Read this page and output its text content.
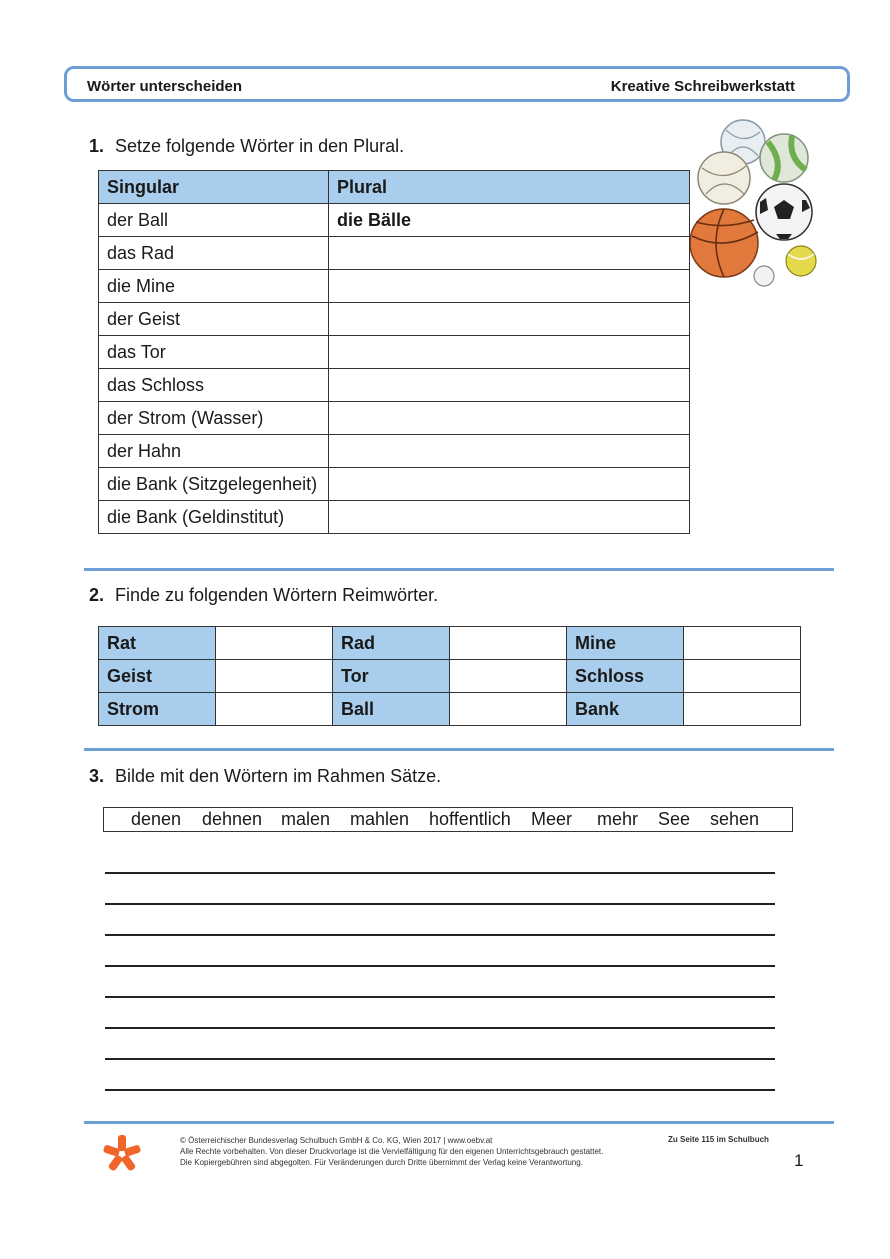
Wörter unterscheiden	Kreative Schreibwerkstatt
1. Setze folgende Wörter in den Plural.
Singular	Plural
der Ball	die Bälle
das Rad	
die Mine	
der Geist	
das Tor	
das Schloss	
der Strom (Wasser)	
der Hahn	
die Bank (Sitzgelegenheit)	
die Bank (Geldinstitut)	
2. Finde zu folgenden Wörtern Reimwörter.
Rat		Rad		Mine	
Geist		Tor		Schloss	
Strom		Ball		Bank	
3. Bilde mit den Wörtern im Rahmen Sätze.
denen dehnen malen mahlen hoffentlich Meer mehr See sehen
© Österreichischer Bundesverlag Schulbuch GmbH & Co. KG, Wien 2017 | www.oebv.at
Alle Rechte vorbehalten. Von dieser Druckvorlage ist die Vervielfältigung für den eigenen Unterrichtsgebrauch gestattet.
Die Kopiergebühren sind abgegolten. Für Veränderungen durch Dritte übernimmt der Verlag keine Verantwortung.
Zu Seite 115 im Schulbuch
1
